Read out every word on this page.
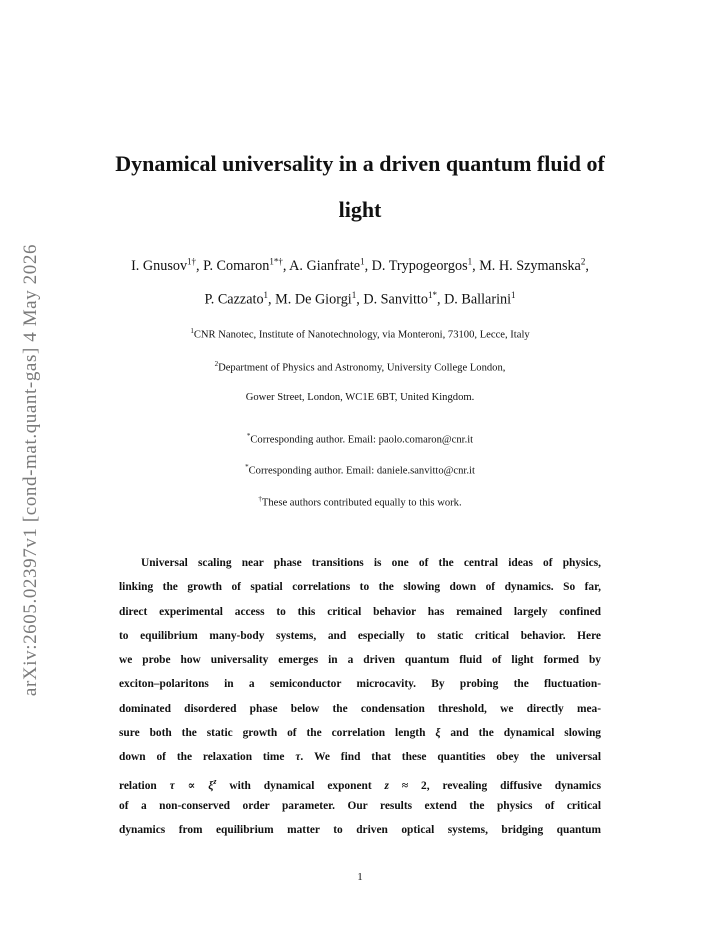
arXiv:2605.02397v1 [cond-mat.quant-gas] 4 May 2026
Dynamical universality in a driven quantum fluid of
light
I. Gnusov$^{1\dagger}$, P. Comaron$^{1*\dagger}$, A. Gianfrate$^1$, D. Trypogeorgos$^1$, M. H. Szymanska$^2$,
P. Cazzato$^1$, M. De Giorgi$^1$, D. Sanvitto$^{1*}$, D. Ballarini$^1$
$^1$CNR Nanotec, Institute of Nanotechnology, via Monteroni, 73100, Lecce, Italy
$^2$Department of Physics and Astronomy, University College London,
Gower Street, London, WC1E 6BT, United Kingdom.
*Corresponding author. Email: paolo.comaron@cnr.it
*Corresponding author. Email: daniele.sanvitto@cnr.it
†These authors contributed equally to this work.
Universal scaling near phase transitions is one of the central ideas of physics,
linking the growth of spatial correlations to the slowing down of dynamics. So far,
direct experimental access to this critical behavior has remained largely confined
to equilibrium many-body systems, and especially to static critical behavior. Here
we probe how universality emerges in a driven quantum fluid of light formed by
exciton–polaritons in a semiconductor microcavity. By probing the fluctuation-
dominated disordered phase below the condensation threshold, we directly mea-
sure both the static growth of the correlation length ξ and the dynamical slowing
down of the relaxation time τ. We find that these quantities obey the universal
relation $\tau \propto \xi^z$ with dynamical exponent z ≈ 2, revealing diffusive dynamics
of a non-conserved order parameter. Our results extend the physics of critical
dynamics from equilibrium matter to driven optical systems, bridging quantum
1
